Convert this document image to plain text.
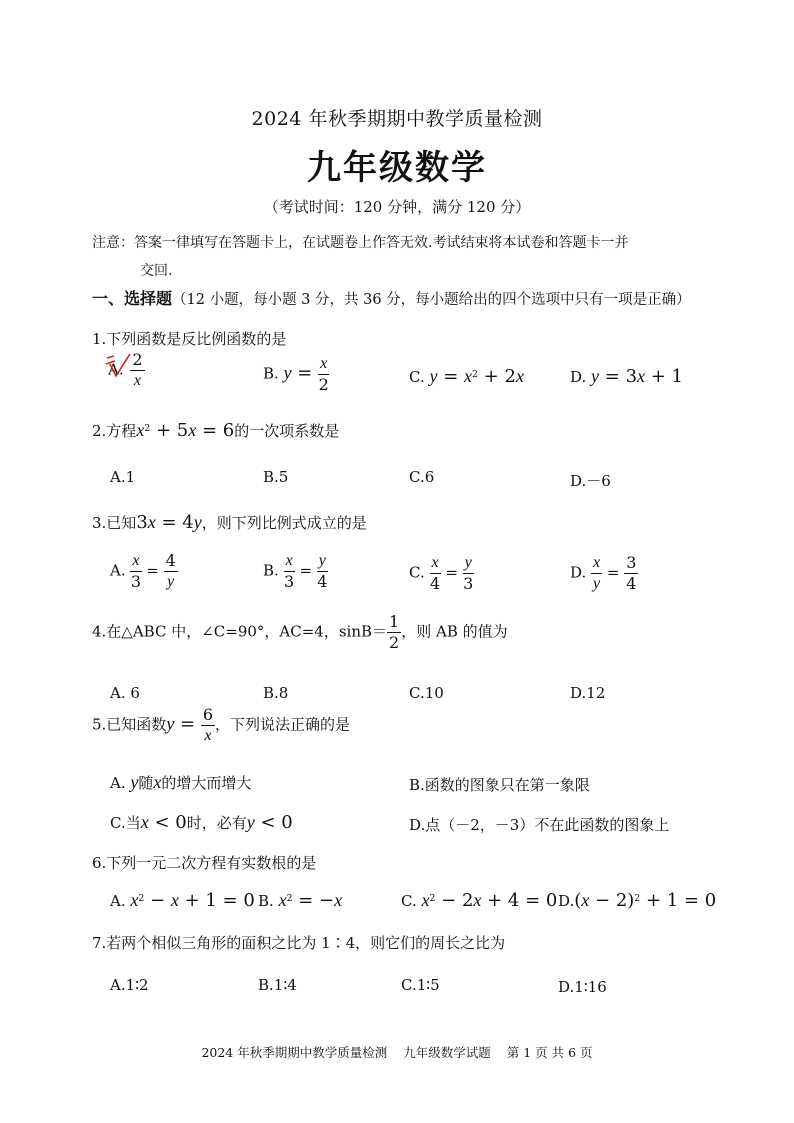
2024 年秋季期期中教学质量检测
九年级数学
（考试时间：120 分钟，满分 120 分）
注意：答案一律填写在答题卡上，在试题卷上作答无效.考试结束将本试卷和答题卡一并
交回.
一、选择题（12 小题，每小题 3 分，共 36 分，每小题给出的四个选项中只有一项是正确）
1.下列函数是反比例函数的是
A. $\frac{2}{x}$	B. $y = \frac{x}{2}$	C. $y = x^2 + 2x$	D. y = 3x + 1
2.方程$x^2 + 5x = 6$的一次项系数是
A.1	B.5	C.6	D.－6
3.已知3x = 4y，则下列比例式成立的是
A. $\frac{x}{3} = \frac{4}{y}$	B. $\frac{x}{3} = \frac{y}{4}$	C. $\frac{x}{4} = \frac{y}{3}$	D. $\frac{x}{y} = \frac{3}{4}$
4.在△ABC 中，∠C=90°，AC=4，$\sin B= \frac{1}{2}$ ，则 AB 的值为
A. 6	B.8	C.10	D.12
5.已知函数$y = \frac{6}{x}$ ，下列说法正确的是
A. y随x的增大而增大	B.函数的图象只在第一象限
C.当x < 0时，必有y < 0	D.点（－2，－3）不在此函数的图象上
6.下列一元二次方程有实数根的是
A. $x^2 - x + 1 = 0$ B. $x^2 = -x$	C. $x^2 - 2x + 4 = 0$ $D.(x - 2)^2 + 1 = 0$
7.若两个相似三角形的面积之比为 1∶4，则它们的周长之比为
A.1∶2	B.1∶4	C.1∶5	D.1∶16
2024 年秋季期期中教学质量检测 九年级数学试题 第 1 页 共 6 页
